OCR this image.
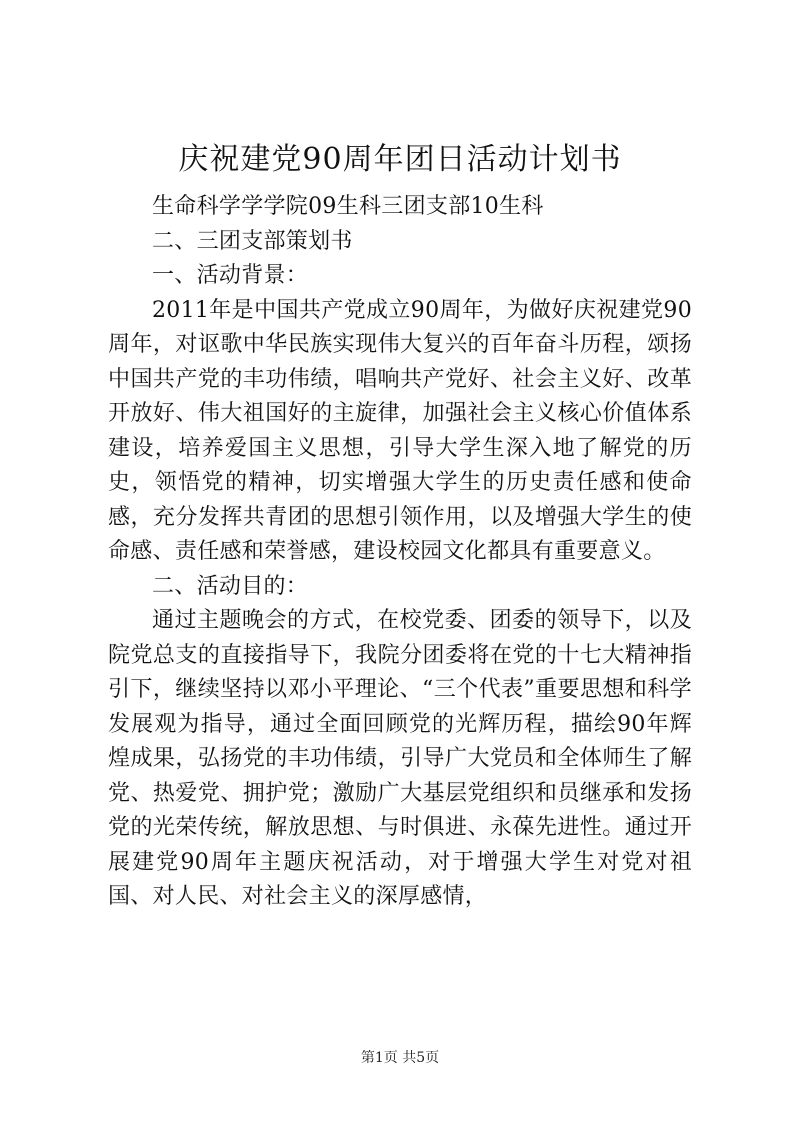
庆祝建党90周年团日活动计划书

生命科学学学院09生科三团支部10生科

二、三团支部策划书

一、活动背景：

2011年是中国共产党成立90周年，为做好庆祝建党90周年，对讴歌中华民族实现伟大复兴的百年奋斗历程，颂扬中国共产党的丰功伟绩，唱响共产党好、社会主义好、改革开放好、伟大祖国好的主旋律，加强社会主义核心价值体系建设，培养爱国主义思想，引导大学生深入地了解党的历史，领悟党的精神，切实增强大学生的历史责任感和使命感，充分发挥共青团的思想引领作用，以及增强大学生的使命感、责任感和荣誉感，建设校园文化都具有重要意义。

二、活动目的：

通过主题晚会的方式，在校党委、团委的领导下，以及院党总支的直接指导下，我院分团委将在党的十七大精神指引下，继续坚持以邓小平理论、“三个代表”重要思想和科学发展观为指导，通过全面回顾党的光辉历程，描绘90年辉煌成果，弘扬党的丰功伟绩，引导广大党员和全体师生了解党、热爱党、拥护党；激励广大基层党组织和员继承和发扬党的光荣传统，解放思想、与时俱进、永葆先进性。通过开展建党90周年主题庆祝活动，对于增强大学生对党对祖国、对人民、对社会主义的深厚感情，

第1页 共5页
